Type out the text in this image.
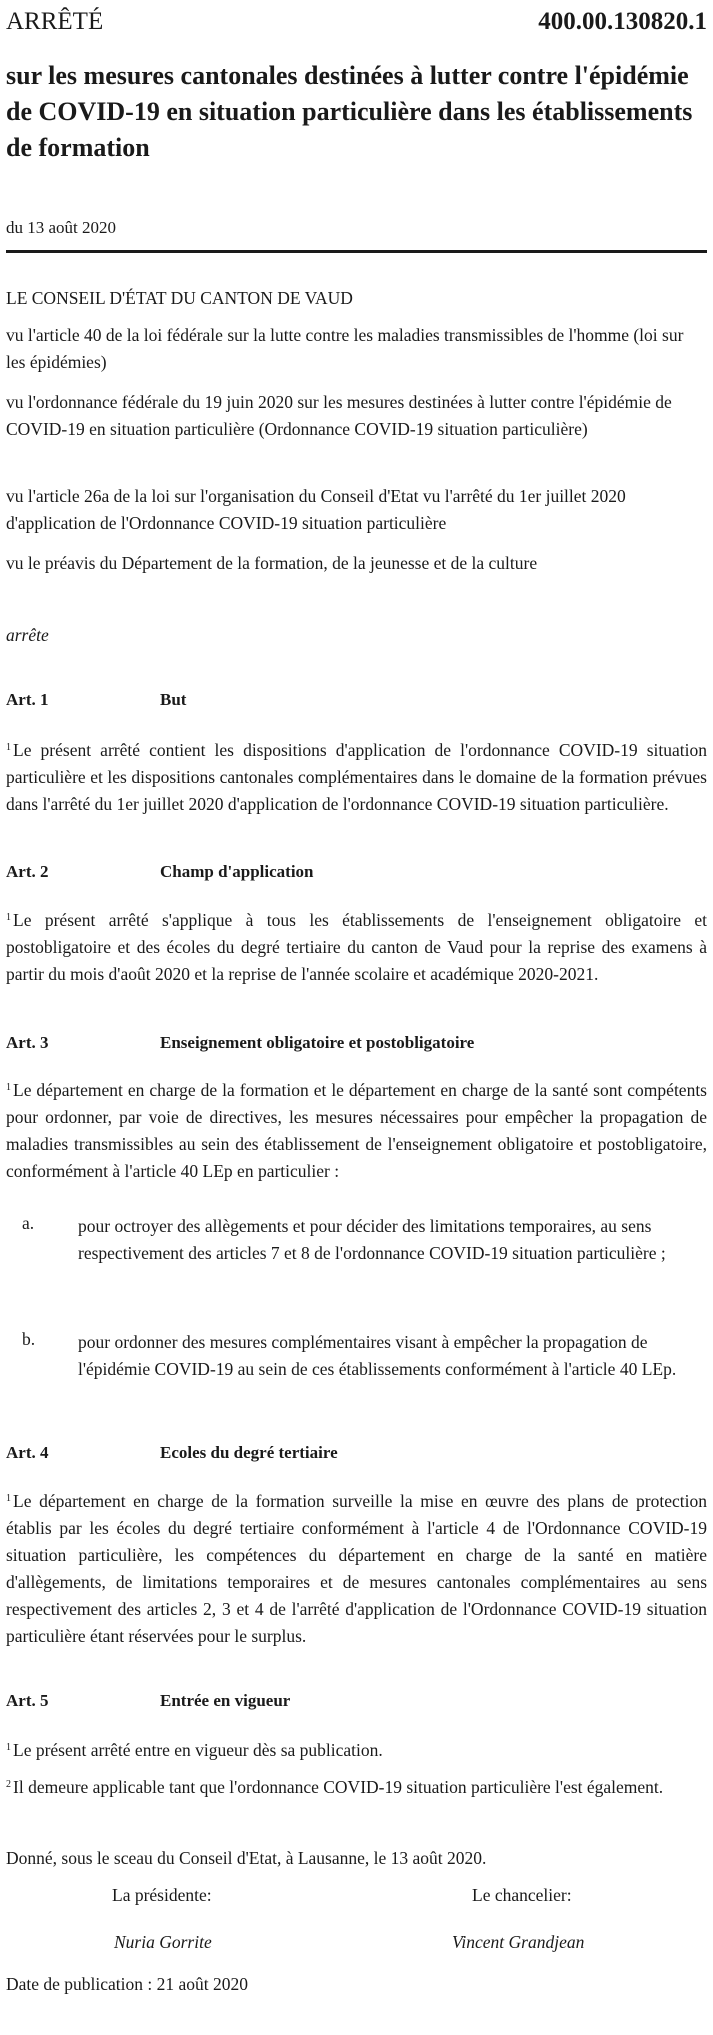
ARRÊTÉ	400.00.130820.1
sur les mesures cantonales destinées à lutter contre l'épidémie de COVID-19 en situation particulière dans les établissements de formation
du 13 août 2020
LE CONSEIL D'ÉTAT DU CANTON DE VAUD
vu l'article 40 de la loi fédérale sur la lutte contre les maladies transmissibles de l'homme (loi sur les épidémies)
vu l'ordonnance fédérale du 19 juin 2020 sur les mesures destinées à lutter contre l'épidémie de COVID-19 en situation particulière (Ordonnance COVID-19 situation particulière)
vu l'article 26a de la loi sur l'organisation du Conseil d'Etat vu l'arrêté du 1er juillet 2020 d'application de l'Ordonnance COVID-19 situation particulière
vu le préavis du Département de la formation, de la jeunesse et de la culture
arrête
Art. 1	But
$^1$ Le présent arrêté contient les dispositions d'application de l'ordonnance COVID-19 situation particulière et les dispositions cantonales complémentaires dans le domaine de la formation prévues dans l'arrêté du 1er juillet 2020 d'application de l'ordonnance COVID-19 situation particulière.
Art. 2	Champ d'application
$^1$ Le présent arrêté s'applique à tous les établissements de l'enseignement obligatoire et postobligatoire et des écoles du degré tertiaire du canton de Vaud pour la reprise des examens à partir du mois d'août 2020 et la reprise de l'année scolaire et académique 2020-2021.
Art. 3	Enseignement obligatoire et postobligatoire
$^1$ Le département en charge de la formation et le département en charge de la santé sont compétents pour ordonner, par voie de directives, les mesures nécessaires pour empêcher la propagation de maladies transmissibles au sein des établissement de l'enseignement obligatoire et postobligatoire, conformément à l'article 40 LEp en particulier :
a.	pour octroyer des allègements et pour décider des limitations temporaires, au sens respectivement des articles 7 et 8 de l'ordonnance COVID-19 situation particulière ;
b. pour ordonner des mesures complémentaires visant à empêcher la propagation de l'épidémie COVID-19 au sein de ces établissements conformément à l'article 40 LEp.
Art. 4	Ecoles du degré tertiaire
$^1$ Le département en charge de la formation surveille la mise en œuvre des plans de protection établis par les écoles du degré tertiaire conformément à l'article 4 de l'Ordonnance COVID-19 situation particulière, les compétences du département en charge de la santé en matière d'allègements, de limitations temporaires et de mesures cantonales complémentaires au sens respectivement des articles 2, 3 et 4 de l'arrêté d'application de l'Ordonnance COVID-19 situation particulière étant réservées pour le surplus.
Art. 5	Entrée en vigueur
$^1$ Le présent arrêté entre en vigueur dès sa publication.
$^2$ Il demeure applicable tant que l'ordonnance COVID-19 situation particulière l'est également.
Donné, sous le sceau du Conseil d'Etat, à Lausanne, le 13 août 2020.
La présidente:	Le chancelier:
Nuria Gorrite	Vincent Grandjean
Date de publication : 21 août 2020
